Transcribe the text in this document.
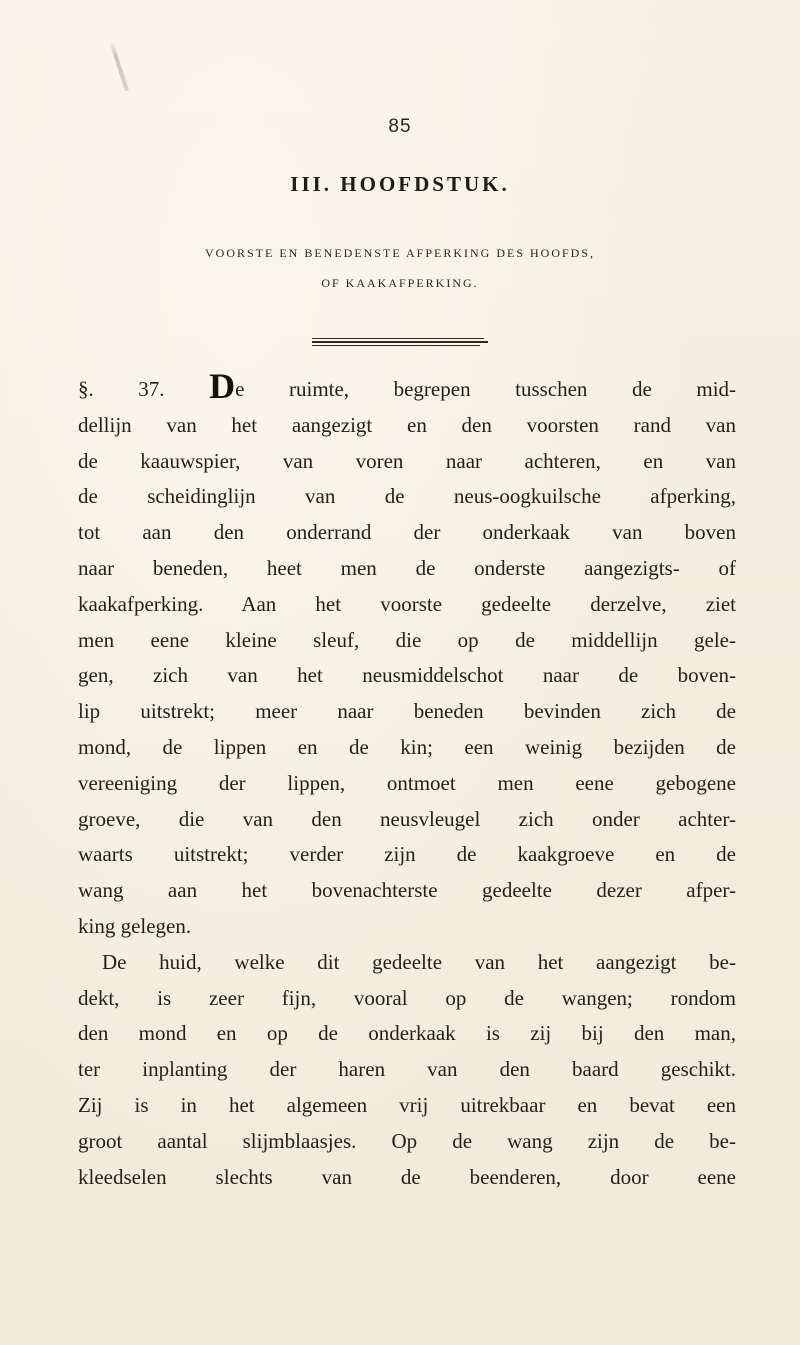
85
III. HOOFDSTUK.
VOORSTE EN BENEDENSTE AFPERKING DES HOOFDS,
OF KAAKAFPERKING.
§. 37. De ruimte, begrepen tusschen de mid-
dellijn van het aangezigt en den voorsten rand van
de kaauwspier, van voren naar achteren, en van
de scheidinglijn van de neus-oogkuilsche afperking,
tot aan den onderrand der onderkaak van boven
naar beneden, heet men de onderste aangezigts- of
kaakafperking. Aan het voorste gedeelte derzelve, ziet
men eene kleine sleuf, die op de middellijn gele-
gen, zich van het neusmiddelschot naar de boven-
lip uitstrekt; meer naar beneden bevinden zich de
mond, de lippen en de kin; een weinig bezijden de
vereeniging der lippen, ontmoet men eene gebogene
groeve, die van den neusvleugel zich onder achter-
waarts uitstrekt; verder zijn de kaakgroeve en de
wang aan het bovenachterste gedeelte dezer afper-
king gelegen.
De huid, welke dit gedeelte van het aangezigt be-
dekt, is zeer fijn, vooral op de wangen; rondom
den mond en op de onderkaak is zij bij den man,
ter inplanting der haren van den baard geschikt.
Zij is in het algemeen vrij uitrekbaar en bevat een
groot aantal slijmblaasjes. Op de wang zijn de be-
kleedselen slechts van de beenderen, door eene
